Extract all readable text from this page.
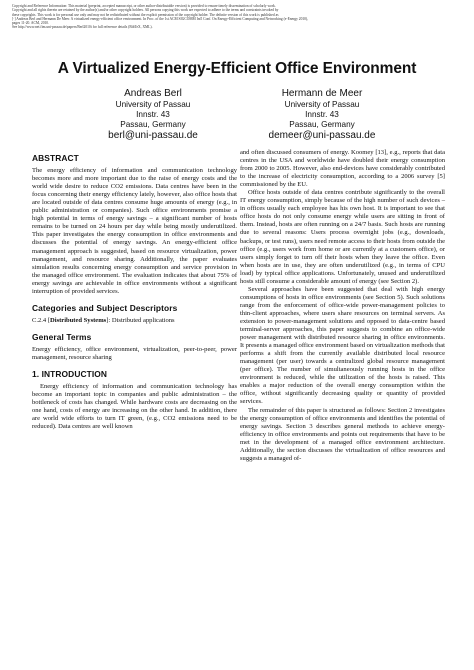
Copyright and Reference Information: This material (preprint, accepted manuscript, or other author-distributable version) is provided to ensure timely dissemination of scholarly work.
Copyright and all rights therein are retained by the author(s) and/or other copyright holders. All persons copying this work are expected to adhere to the terms and constraints invoked by
these copyrights. This work is for personal use only and may not be redistributed without the explicit permission of the copyright holder. The definite version of this work is published as
[·] Andreas Berl and Hermann De Meer. A virtualized energy-efficient office environment. In Proc. of the 1st ACM SIGCOMM Int'l Conf. On Energy-Efficient Computing and Networking (e-Energy 2010),
pages 11-20. ACM, 2010.
See http://www.net.fim.uni-passau.de/papers/Berl2010i for full reference details (BibTeX, XML).
A Virtualized Energy-Efficient Office Environment
Andreas Berl
University of Passau
Innstr. 43
Passau, Germany
berl@uni-passau.de
Hermann de Meer
University of Passau
Innstr. 43
Passau, Germany
demeer@uni-passau.de
ABSTRACT

The energy efficiency of information and communication technology becomes more and more important due to the raise of energy costs and the world wide desire to reduce CO2 emissions. Data centres have been in the focus concerning their energy efficiency lately, however, also office hosts that are located outside of data centres consume huge amounts of energy (e.g., in public administration or companies). Such office environments promise a high potential in terms of energy savings – a significant number of hosts remains to be turned on 24 hours per day while being mostly underutilized. This paper investigates the energy consumption in office environments and discusses the potential of energy savings. An energy-efficient office management approach is suggested, based on resource virtualization, power management, and resource sharing. Additionally, the paper evaluates simulation results concerning energy consumption and service provision in the managed office environment. The evaluation indicates that about 75% of energy savings are achievable in office environments without a significant interruption of provided services.

Categories and Subject Descriptors

C.2.4 [Distributed Systems]: Distributed applications

General Terms

Energy efficiency, office environment, virtualization, peer-to-peer, power management, resource sharing

1. INTRODUCTION

Energy efficiency of information and communication technology has become an important topic in companies and public administration – the bottleneck of costs has changed. While hardware costs are decreasing on the one hand, costs of energy are increasing on the other hand. In addition, there are world wide efforts to turn IT green, (e.g., CO2 emissions need to be reduced). Data centres are well known

and often discussed consumers of energy. Koomey [13], e.g., reports that data centres in the USA and worldwide have doubled their energy consumption from 2000 to 2005. However, also end-devices have considerably contributed to the increase of electricity consumption, according to a 2006 survey [5] commissioned by the EU.

Office hosts outside of data centres contribute significantly to the overall IT energy consumption, simply because of the high number of such devices – in offices usually each employee has his own host. It is important to see that office hosts do not only consume energy while users are sitting in front of them. Instead, hosts are often running on a 24/7 basis. Such hosts are running due to several reasons: Users process overnight jobs (e.g., downloads, backups, or test runs), users need remote access to their hosts from outside the office (e.g., users work from home or are currently at a customers office), or users simply forget to turn off their hosts when they leave the office. Even when hosts are in use, they are often underutilized (e.g., in terms of CPU load) by typical office applications. Unfortunately, unused and underutilized hosts still consume a considerable amount of energy (see Section 2).

Several approaches have been suggested that deal with high energy consumptions of hosts in office environments (see Section 5). Such solutions range from the enforcement of office-wide power-management policies to thin-client approaches, where users share resources on terminal servers. As extension to power-management solutions and opposed to data-centre based terminal-server approaches, this paper suggests to combine an office-wide power management with distributed resource sharing in office environments. It presents a managed office environment based on virtualization methods that performs a shift from the currently available distributed local resource management (per user) towards a centralized global resource management (per office). The number of simultaneously running hosts in the office environment is reduced, while the utilization of the hosts is raised. This enables a major reduction of the overall energy consumption within the office, without significantly decreasing quality or quantity of provided services.

The remainder of this paper is structured as follows: Section 2 investigates the energy consumption of office environments and identifies the potential of energy savings. Section 3 describes general methods to achieve energy-efficiency in office environments and points out requirements that have to be met in the development of a managed office environment architecture. Additionally, the section discusses the virtualization of office resources and suggests a managed of-
